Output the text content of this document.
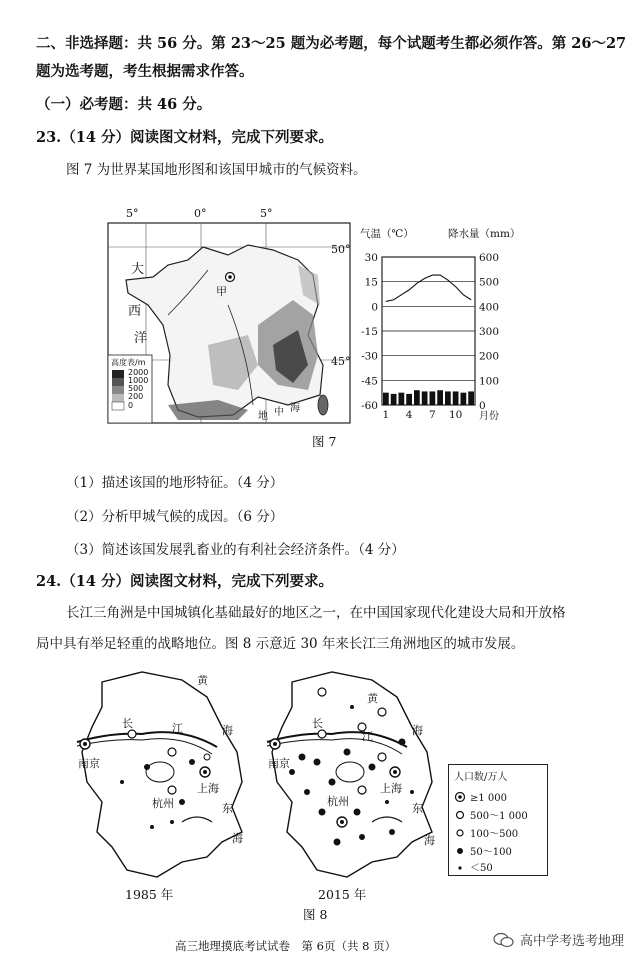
二、非选择题：共 56 分。第 23～25 题为必考题，每个试题考生都必须作答。第 26～27
题为选考题，考生根据需求作答。
（一）必考题：共 46 分。
23.（14 分）阅读图文材料，完成下列要求。
图 7 为世界某国地形图和该国甲城市的气候资料。
高度表/m
2000
1000
500
200
0
5°	0°	5°
50°
45°
大
西
洋
甲
地 中 海
气温（℃）	降水量（mm）
30	600
15	500
0	400
-15	300
-30	200
-45	100
-60	0
1 4 7 10 月份
图 7
（1）描述该国的地形特征。（4 分）
（2）分析甲城气候的成因。（6 分）
（3）简述该国发展乳畜业的有利社会经济条件。（4 分）
24.（14 分）阅读图文材料，完成下列要求。
长江三角洲是中国城镇化基础最好的地区之一，在中国国家现代化建设大局和开放格
局中具有举足轻重的战略地位。图 8 示意近 30 年来长江三角洲地区的城市发展。
黄
海
长	江
南京
上海
杭州	东
海
1985 年
黄
海
长
江
南京
上海
杭州
东
海
2015 年
图 8
人口数/万人
≥1 000
500～1 000
100～500
50～100
＜50
高三地理摸底考试试卷　第 6页（共 8 页）	高中学考选考地理
